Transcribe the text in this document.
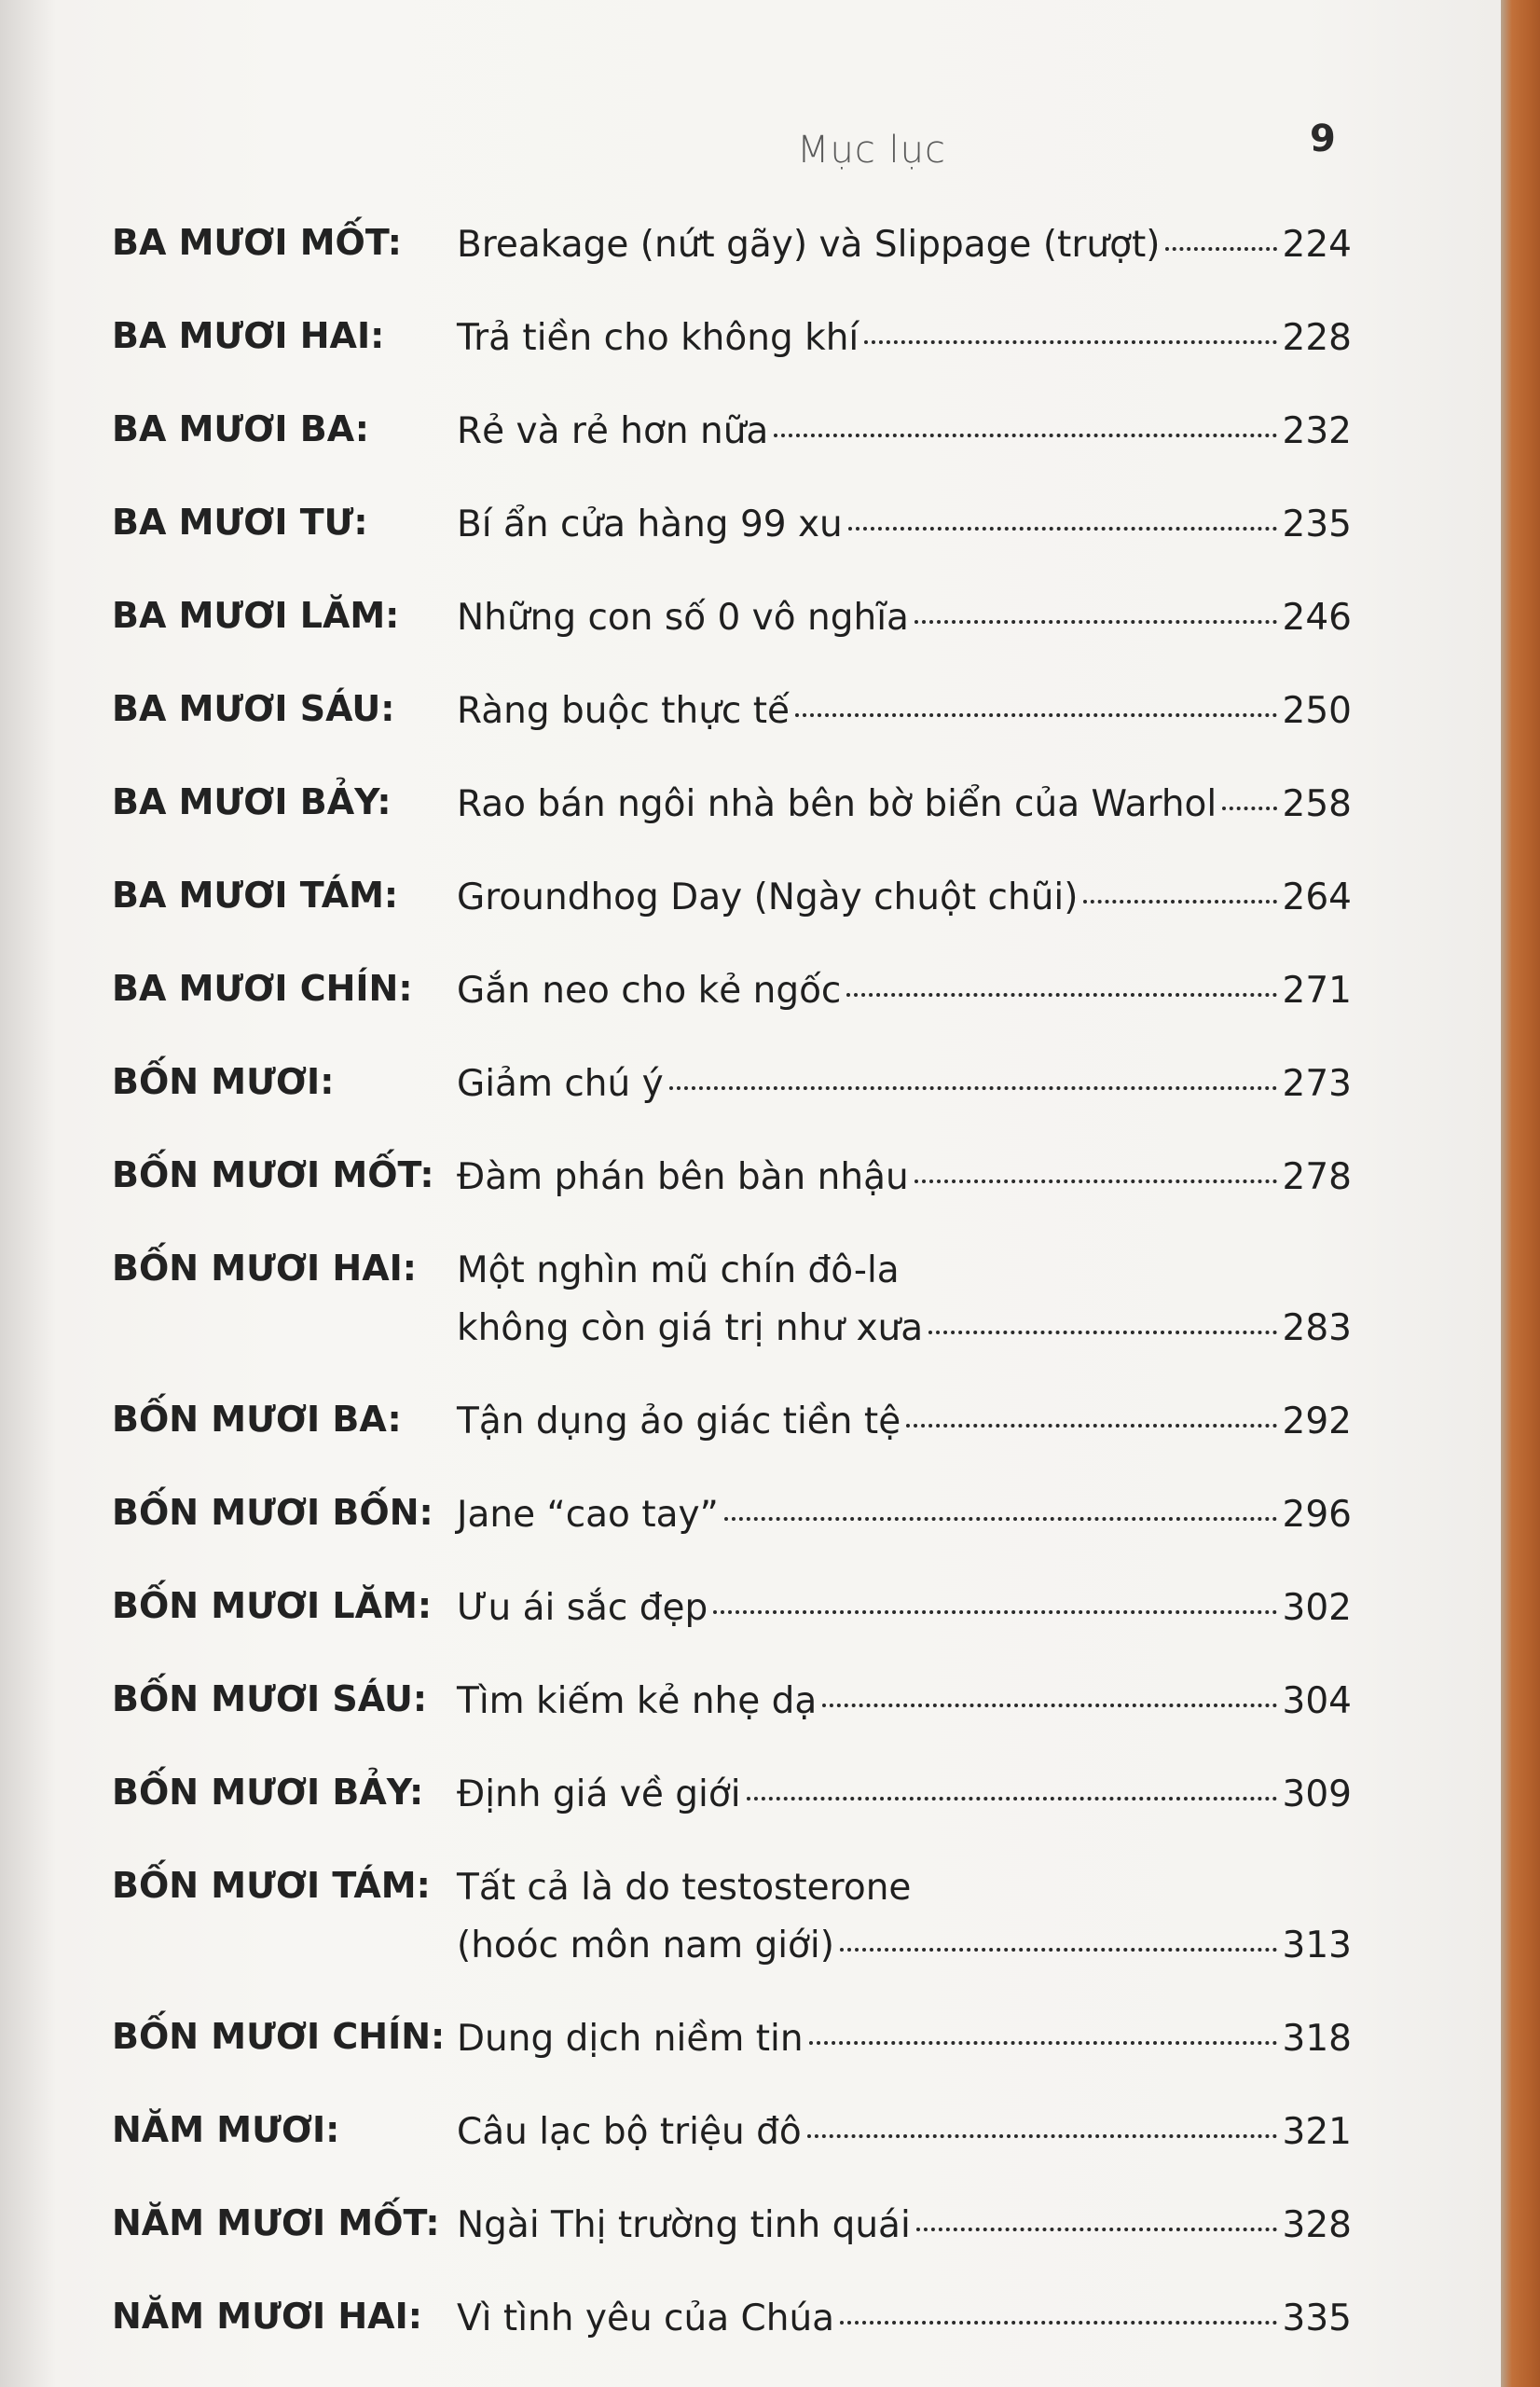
Mục lục	9
BA MƯƠI MỐT:	Breakage (nứt gãy) và Slippage (trượt)	224
BA MƯƠI HAI:	Trả tiền cho không khí	228
BA MƯƠI BA:	Rẻ và rẻ hơn nữa	232
BA MƯƠI TƯ:	Bí ẩn cửa hàng 99 xu	235
BA MƯƠI LĂM:	Những con số 0 vô nghĩa	246
BA MƯƠI SÁU:	Ràng buộc thực tế	250
BA MƯƠI BẢY:	Rao bán ngôi nhà bên bờ biển của Warhol 258
BA MƯƠI TÁM:	Groundhog Day (Ngày chuột chũi)	264
BA MƯƠI CHÍN:	Gắn neo cho kẻ ngốc	271
BỐN MƯƠI:	Giảm chú ý	273
BỐN MƯƠI MỐT: Đàm phán bên bàn nhậu	278
BỐN MƯƠI HAI:	Một nghìn mũ chín đô-la
không còn giá trị như xưa	283
BỐN MƯƠI BA:	Tận dụng ảo giác tiền tệ	292
BỐN MƯƠI BỐN: Jane “cao tay”	296
BỐN MƯƠI LĂM: Ưu ái sắc đẹp	302
BỐN MƯƠI SÁU: Tìm kiếm kẻ nhẹ dạ	304
BỐN MƯƠI BẢY: Định giá về giới	309
BỐN MƯƠI TÁM: Tất cả là do testosterone
(hoóc môn nam giới)	313
BỐN MƯƠI CHÍN: Dung dịch niềm tin	318
NĂM MƯƠI:	Câu lạc bộ triệu đô	321
NĂM MƯƠI MỐT: Ngài Thị trường tinh quái	328
NĂM MƯƠI HAI: Vì tình yêu của Chúa	335
